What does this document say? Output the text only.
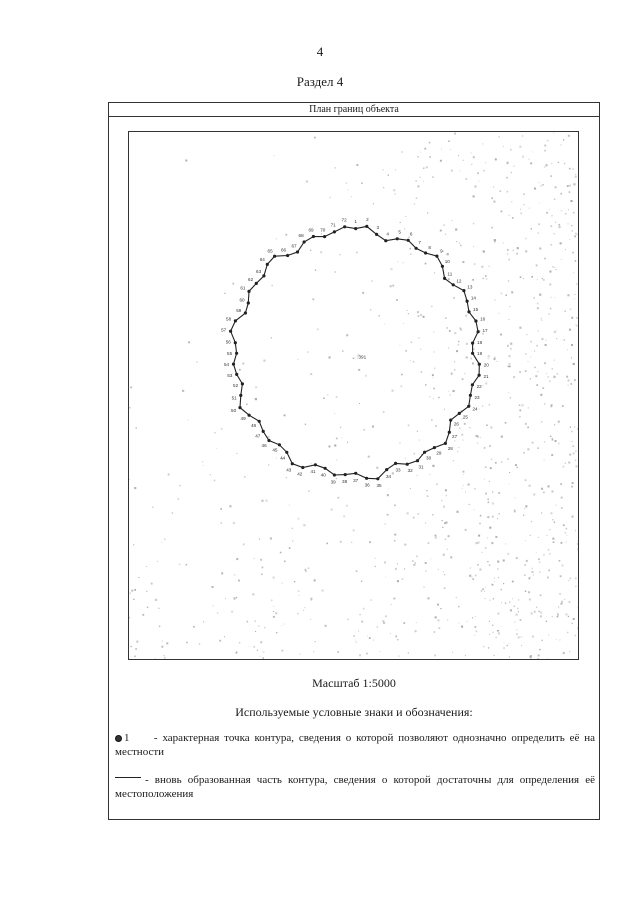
4
Раздел 4
План границ объекта
1 2
3
4 5 6
7
8
9
10
11
12
13
14
15
16
17
18
19
20
21
22
23
24
25
26
27
28
29
30
31
32
33
34
35
36
37
38
39
40
41
42
43
44
45
46
47
48
49
50
51
52
53
54
55
56
57
58
59
60
61
62
63
64
65 66
67
68
69 70
71
72
:391
Масштаб 1:5000
Используемые условные знаки и обозначения:
1 - характерная точка контура, сведения о которой позволяют однозначно определить её на местности
- вновь образованная часть контура, сведения о которой достаточны для определения её местоположения
